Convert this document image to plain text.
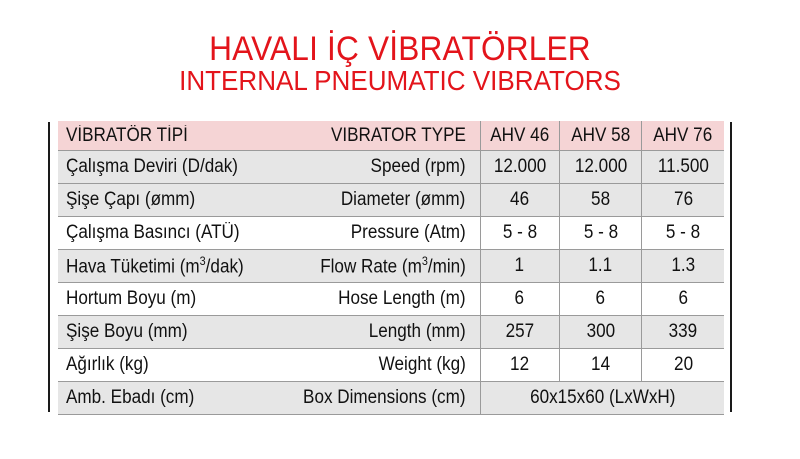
HAVALI İÇ VİBRATÖRLER
INTERNAL PNEUMATIC VIBRATORS
VİBRATÖR TİPİ	VIBRATOR TYPE	AHV 46	AHV 58	AHV 76
Çalışma Deviri (D/dak)	Speed (rpm)	12.000	12.000	11.500
Şişe Çapı (ømm)	Diameter (ømm)	46	58	76
Çalışma Basıncı (ATÜ)	Pressure (Atm)	5 - 8	5 - 8	5 - 8
Hava Tüketimi $(m^3/dak)$	Flow Rate $(m^3/\min)$	1	1.1	1.3
Hortum Boyu (m)	Hose Length (m)	6	6	6
Şişe Boyu (mm)	Length (mm)	257	300	339
Ağırlık (kg)	Weight (kg)	12	14	20
Amb. Ebadı (cm)	Box Dimensions (cm)	60x15x60 (LxWxH)		
